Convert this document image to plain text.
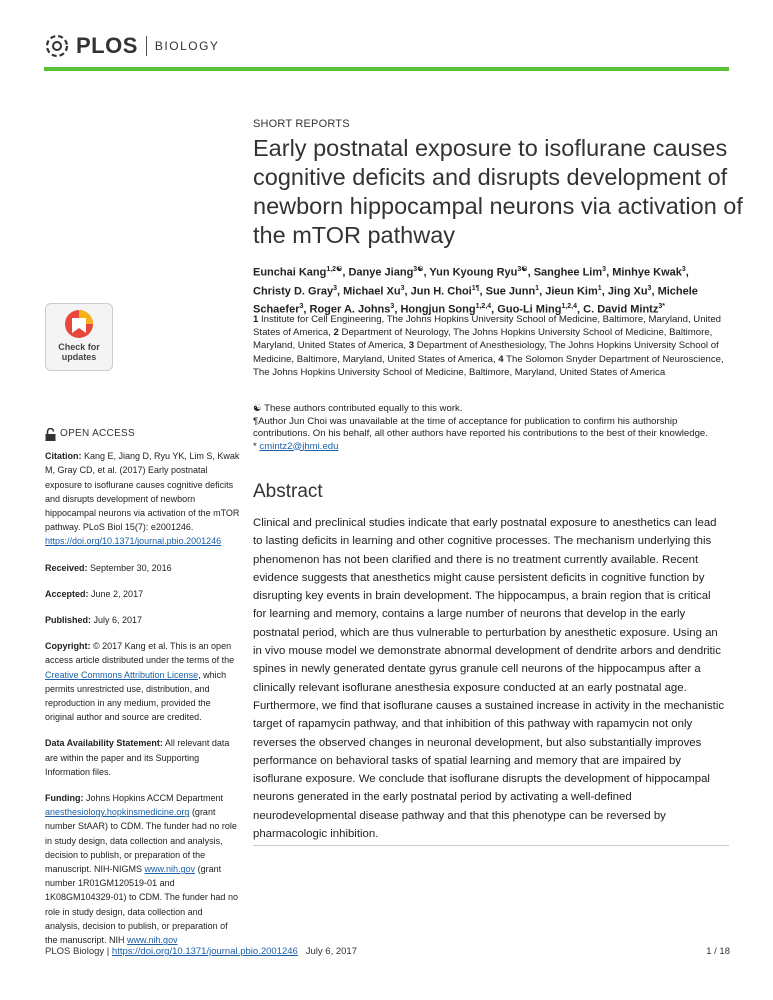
PLOS BIOLOGY
Check for updates
SHORT REPORTS
Early postnatal exposure to isoflurane causes cognitive deficits and disrupts development of newborn hippocampal neurons via activation of the mTOR pathway
Eunchai Kang$^{1,2☯}$, Danye Jiang$^{3☯}$, Yun Kyoung Ryu$^{3☯}$, Sanghee Lim$^3$, Minhye Kwak$^3$, Christy D. Gray$^3$, Michael Xu$^3$, Jun H. Choi$^{1\P}$, Sue Junn$^1$, Jieun Kim$^1$, Jing Xu$^3$, Michele Schaefer$^3$, Roger A. Johns$^3$, Hongjun Song$^{1,2,4}$, Guo-Li Ming$^{1,2,4}$, C. David Mintz$^{3*}$
1 Institute for Cell Engineering, The Johns Hopkins University School of Medicine, Baltimore, Maryland, United States of America, 2 Department of Neurology, The Johns Hopkins University School of Medicine, Baltimore, Maryland, United States of America, 3 Department of Anesthesiology, The Johns Hopkins University School of Medicine, Baltimore, Maryland, United States of America, 4 The Solomon Snyder Department of Neuroscience, The Johns Hopkins University School of Medicine, Baltimore, Maryland, United States of America
☯ These authors contributed equally to this work.
¶Author Jun Choi was unavailable at the time of acceptance for publication to confirm his authorship contributions. On his behalf, all other authors have reported his contributions to the best of their knowledge.
* cmintz2@jhmi.edu
Abstract
Clinical and preclinical studies indicate that early postnatal exposure to anesthetics can lead to lasting deficits in learning and other cognitive processes. The mechanism underlying this phenomenon has not been clarified and there is no treatment currently available. Recent evidence suggests that anesthetics might cause persistent deficits in cognitive function by disrupting key events in brain development. The hippocampus, a brain region that is critical for learning and memory, contains a large number of neurons that develop in the early postnatal period, which are thus vulnerable to perturbation by anesthetic exposure. Using an in vivo mouse model we demonstrate abnormal development of dendrite arbors and dendritic spines in newly generated dentate gyrus granule cell neurons of the hippocampus after a clinically relevant isoflurane anesthesia exposure conducted at an early postnatal age. Furthermore, we find that isoflurane causes a sustained increase in activity in the mechanistic target of rapamycin pathway, and that inhibition of this pathway with rapamycin not only reverses the observed changes in neuronal development, but also substantially improves performance on behavioral tasks of spatial learning and memory that are impaired by isoflurane exposure. We conclude that isoflurane disrupts the development of hippocampal neurons generated in the early postnatal period by activating a well-defined neurodevelopmental disease pathway and that this phenotype can be reversed by pharmacologic inhibition.
OPEN ACCESS
Citation: Kang E, Jiang D, Ryu YK, Lim S, Kwak M, Gray CD, et al. (2017) Early postnatal exposure to isoflurane causes cognitive deficits and disrupts development of newborn hippocampal neurons via activation of the mTOR pathway. PLoS Biol 15(7): e2001246. https://doi.org/10.1371/journal.pbio.2001246
Received: September 30, 2016
Accepted: June 2, 2017
Published: July 6, 2017
Copyright: © 2017 Kang et al. This is an open access article distributed under the terms of the Creative Commons Attribution License, which permits unrestricted use, distribution, and reproduction in any medium, provided the original author and source are credited.
Data Availability Statement: All relevant data are within the paper and its Supporting Information files.
Funding: Johns Hopkins ACCM Department anesthesiology.hopkinsmedicine.org (grant number StAAR) to CDM. The funder had no role in study design, data collection and analysis, decision to publish, or preparation of the manuscript. NIH-NIGMS www.nih.gov (grant number 1R01GM120519-01 and 1K08GM104329-01) to CDM. The funder had no role in study design, data collection and analysis, decision to publish, or preparation of the manuscript. NIH www.nih.gov
PLOS Biology | https://doi.org/10.1371/journal.pbio.2001246 July 6, 2017	1 / 18
